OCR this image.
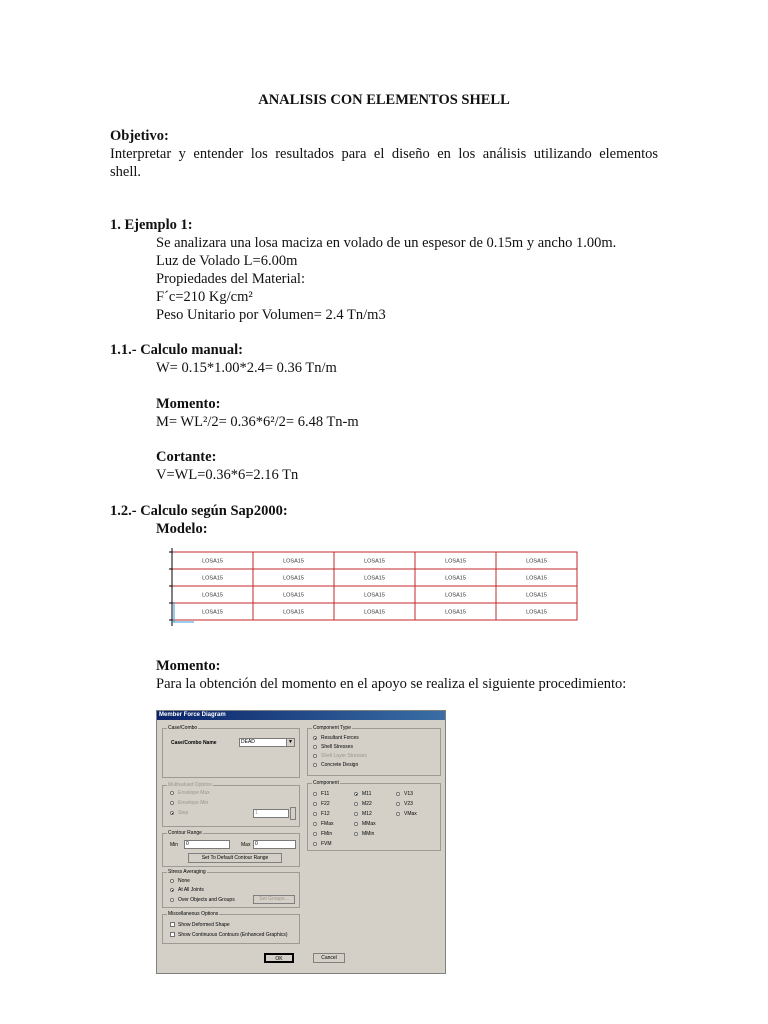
ANALISIS CON ELEMENTOS SHELL
Objetivo:
Interpretar y entender los resultados para el diseño en los análisis utilizando elementos
shell.
1. Ejemplo 1:
Se analizara una losa maciza en volado de un espesor de 0.15m y ancho 1.00m.
Luz de Volado L=6.00m
Propiedades del Material:
F´c=210 Kg/cm²
Peso Unitario por Volumen= 2.4 Tn/m3
1.1.- Calculo manual:
W= 0.15*1.00*2.4= 0.36 Tn/m
Momento:
M= WL²/2= 0.36*6²/2= 6.48 Tn-m
Cortante:
V=WL=0.36*6=2.16 Tn
1.2.- Calculo según Sap2000:
Modelo:
LOSA15	LOSA15	LOSA15	LOSA15	LOSA15
LOSA15	LOSA15	LOSA15	LOSA15	LOSA15
LOSA15	LOSA15	LOSA15	LOSA15	LOSA15
LOSA15	LOSA15	LOSA15	LOSA15	LOSA15
Momento:
Para la obtención del momento en el apoyo se realiza el siguiente procedimiento:
Member Force Diagram
Case/Combo
Case/Combo Name	DEAD	▼
Multivalued Options
Envelope Max
Envelope Min
Step	1
Contour Range
Min	0	Max 0
Set To Default Contour Range
Stress Averaging
None
At All Joints
Over Objects and Groups	Set Groups...
Miscellaneous Options
Show Deformed Shape
Show Continuous Contours (Enhanced Graphics)
Component Type
Resultant Forces
Shell Stresses
Shell Layer Stresses
Concrete Design
Component
F11
F22
F12
FMax
FMin
FVM
M11
M22
M12
MMax
MMin
V13
V23
VMax
OK	Cancel
